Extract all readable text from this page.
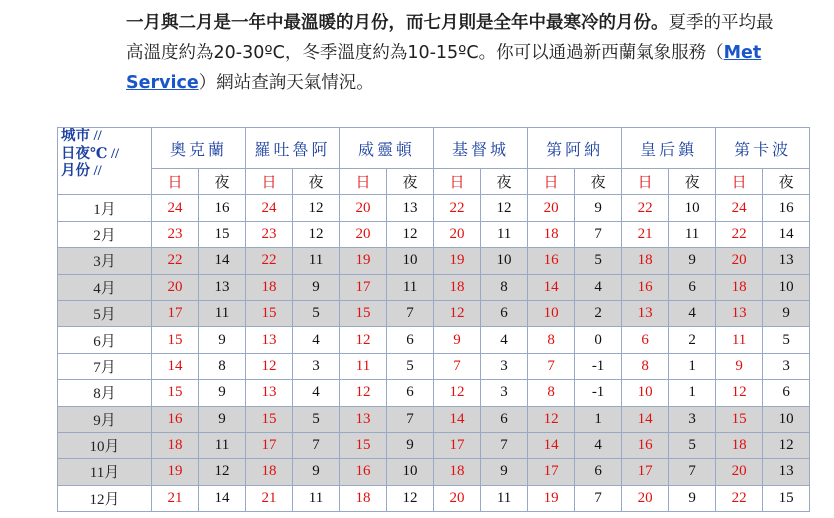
一月與二月是一年中最溫暖的月份，而七月則是全年中最寒冷的月份。夏季的平均最高溫度約為20-30ºC，冬季溫度約為10-15ºC。你可以通過新西蘭氣象服務（Met Service）網站查詢天氣情況。
城市 //
日夜℃ //
月份 //	奧克蘭		羅吐魯阿		威靈頓		基督城		第阿納		皇后鎮		第卡波	
	日	夜	日	夜	日	夜	日	夜	日	夜	日	夜	日	夜
1月	24	16	24	12	20	13	22	12	20	9	22	10	24	16
2月	23	15	23	12	20	12	20	11	18	7	21	11	22	14
3月	22	14	22	11	19	10	19	10	16	5	18	9	20	13
4月	20	13	18	9	17	11	18	8	14	4	16	6	18	10
5月	17	11	15	5	15	7	12	6	10	2	13	4	13	9
6月	15	9	13	4	12	6	9	4	8	0	6	2	11	5
7月	14	8	12	3	11	5	7	3	7	-1	8	1	9	3
8月	15	9	13	4	12	6	12	3	8	-1	10	1	12	6
9月	16	9	15	5	13	7	14	6	12	1	14	3	15	10
10月	18	11	17	7	15	9	17	7	14	4	16	5	18	12
11月	19	12	18	9	16	10	18	9	17	6	17	7	20	13
12月	21	14	21	11	18	12	20	11	19	7	20	9	22	15
